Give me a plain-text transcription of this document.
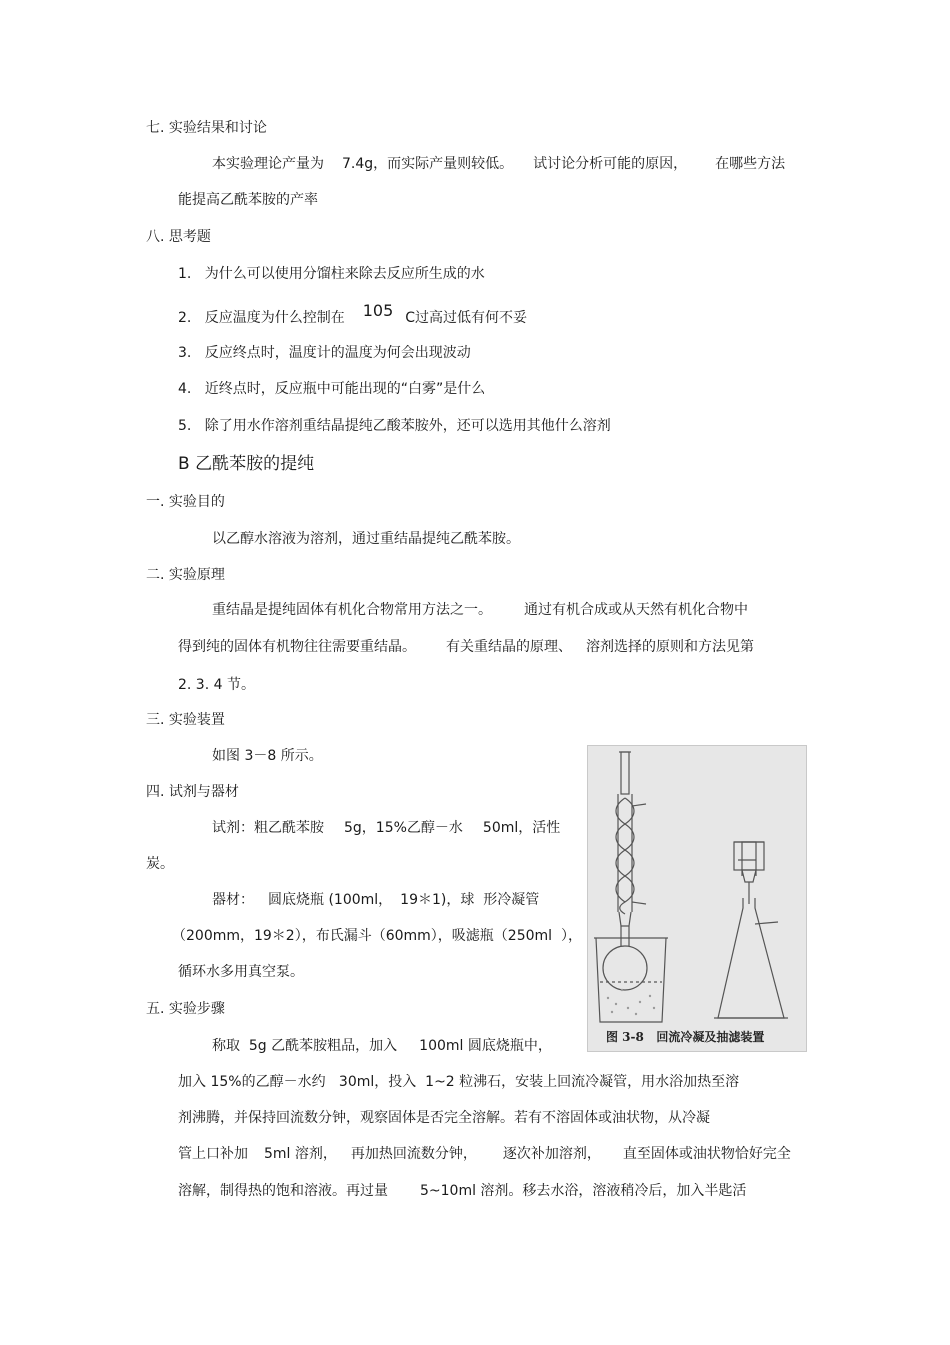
七. 实验结果和讨论
本实验理论产量为 7.4g，而实际产量则较低。 试讨论分析可能的原因， 在哪些方法
能提高乙酰苯胺的产率
八. 思考题
1.   为什么可以使用分馏柱来除去反应所生成的水
2.   反应温度为什么控制在 105 C过高过低有何不妥
3.   反应终点时，温度计的温度为何会出现波动
4.   近终点时，反应瓶中可能出现的“白雾”是什么
5.   除了用水作溶剂重结晶提纯乙酸苯胺外，还可以选用其他什么溶剂
B 乙酰苯胺的提纯
一. 实验目的
以乙醇水溶液为溶剂，通过重结晶提纯乙酰苯胺。
二. 实验原理
重结晶是提纯固体有机化合物常用方法之一。 通过有机合成或从天然有机化合物中
得到纯的固体有机物往往需要重结晶。 有关重结晶的原理、 溶剂选择的原则和方法见第
2. 3. 4 节。
三. 实验装置
如图 3－8 所示。
四. 试剂与器材
试剂：粗乙酰苯胺 5g，15%乙醇－水 50ml，活性
炭。
器材： 圆底烧瓶 (100ml， 19＊1)，球  形冷凝管
（200mm，19＊2），布氏漏斗（60mm），吸滤瓶（250ml  ），
循环水多用真空泵。
五. 实验步骤
称取  5g 乙酰苯胺粗品，加入 100ml 圆底烧瓶中，
加入 15%的乙醇－水约   30ml，投入  1~2 粒沸石，安装上回流冷凝管，用水浴加热至溶
剂沸腾，并保持回流数分钟，观察固体是否完全溶解。若有不溶固体或油状物，从冷凝
管上口补加 5ml 溶剂， 再加热回流数分钟， 逐次补加溶剂， 直至固体或油状物恰好完全
溶解，制得热的饱和溶液。再过量 5~10ml 溶剂。移去水浴，溶液稍冷后，加入半匙活
图 3-8   回流冷凝及抽滤装置
